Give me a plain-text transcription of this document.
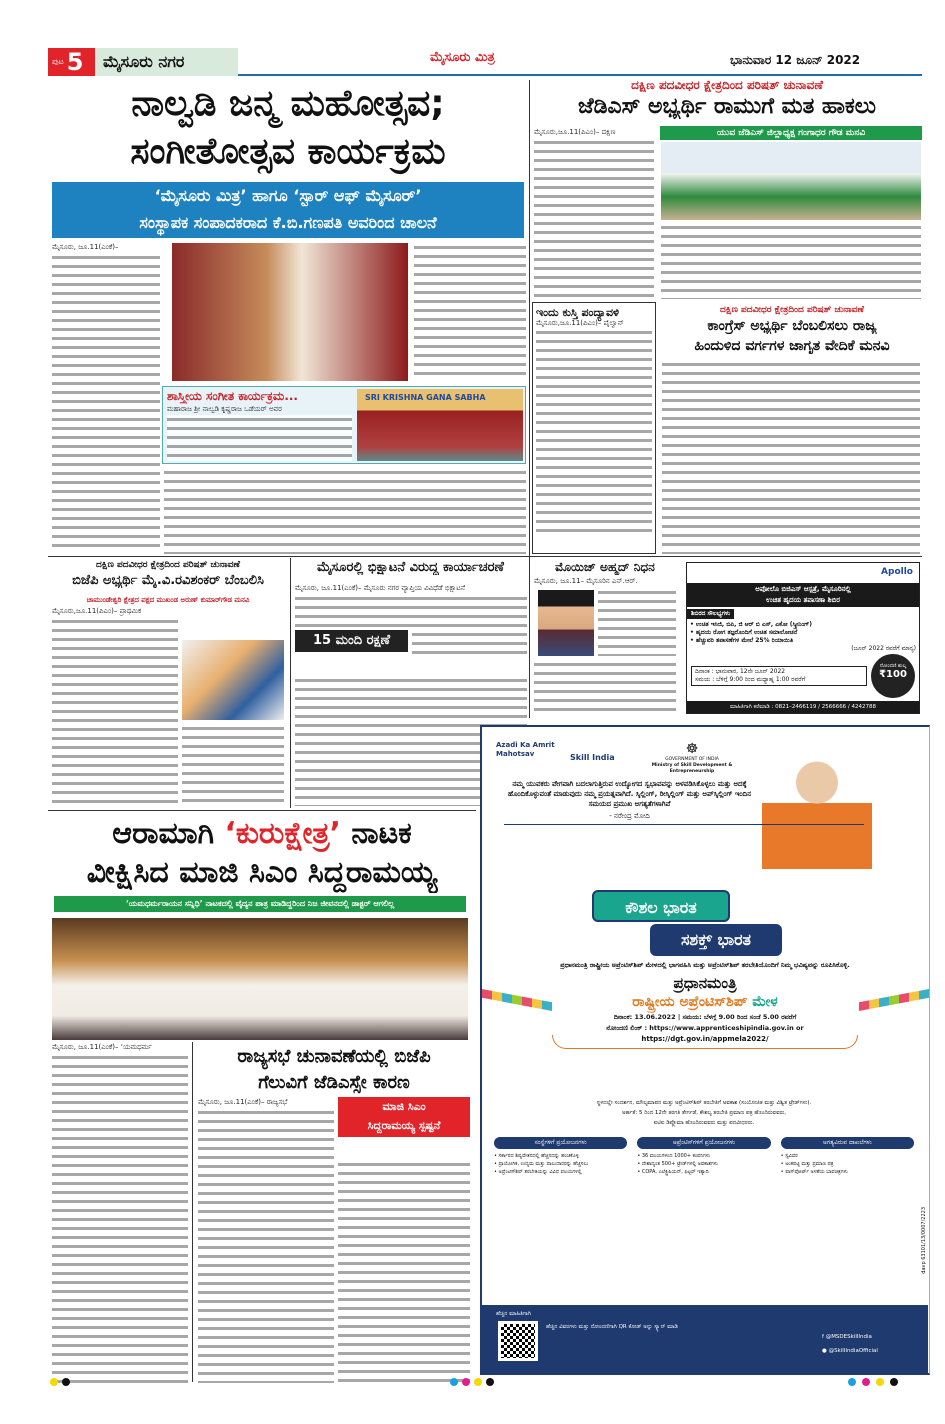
ಪುಟ 5	ಮೈಸೂರು ನಗರ	ಮೈಸೂರು ಮಿತ್ರ	ಭಾನುವಾರ 12 ಜೂನ್ 2022
ನಾಲ್ವಡಿ ಜನ್ಮ ಮಹೋತ್ಸವ;
ಸಂಗೀತೋತ್ಸವ ಕಾರ್ಯಕ್ರಮ
‘ಮೈಸೂರು ಮಿತ್ರ’ ಹಾಗೂ ‘ಸ್ಟಾರ್ ಆಫ್ ಮೈಸೂರ್’
ಸಂಸ್ಥಾಪಕ ಸಂಪಾದಕರಾದ ಕೆ.ಬಿ.ಗಣಪತಿ ಅವರಿಂದ ಚಾಲನೆ
ಮೈಸೂರು, ಜೂ.11(ಎಂಕೆ)–
ಶಾಸ್ತ್ರೀಯ ಸಂಗೀತ ಕಾರ್ಯಕ್ರಮ...
ಮಹಾರಾಜ ಶ್ರೀ ನಾಲ್ವಡಿ ಕೃಷ್ಣರಾಜ ಒಡೆಯರ್ ಅವರ
SRI KRISHNA GANA SABHA
ದಕ್ಷಿಣ ಪದವೀಧರ ಕ್ಷೇತ್ರದಿಂದ ಪರಿಷತ್ ಚುನಾವಣೆ
ಜೆಡಿಎಸ್ ಅಭ್ಯರ್ಥಿ ರಾಮುಗೆ ಮತ ಹಾಕಲು
ಮೈಸೂರು,ಜೂ.11(ಪಿಎಂ)– ದಕ್ಷಿಣ	ಯುವ ಜೆಡಿಎಸ್ ಜಿಲ್ಲಾಧ್ಯಕ್ಷ ಗಂಗಾಧರ ಗೌಡ ಮನವಿ
ಇಂದು ಕುಸ್ತಿ ಪಂದ್ಯಾವಳಿ
ಮೈಸೂರು,ಜೂ.11(ಪಿಎಂ)– ಪೈಲ್ವಾನ್
ದಕ್ಷಿಣ ಪದವೀಧರ ಕ್ಷೇತ್ರದಿಂದ ಪರಿಷತ್ ಚುನಾವಣೆ
ಕಾಂಗ್ರೆಸ್ ಅಭ್ಯರ್ಥಿ ಬೆಂಬಲಿಸಲು ರಾಜ್ಯ
ಹಿಂದುಳಿದ ವರ್ಗಗಳ ಜಾಗೃತ ವೇದಿಕೆ ಮನವಿ
ದಕ್ಷಿಣ ಪದವೀಧರ ಕ್ಷೇತ್ರದಿಂದ ಪರಿಷತ್ ಚುನಾವಣೆ
ಬಿಜೆಪಿ ಅಭ್ಯರ್ಥಿ ಮೈ.ವಿ.ರವಿಶಂಕರ್ ಬೆಂಬಲಿಸಿ
ಚಾಮುಂಡೇಶ್ವರಿ ಕ್ಷೇತ್ರದ ಪಕ್ಷದ ಮುಖಂಡ ಅರುಣ್ ಕುಮಾರ್‌ಗೌಡ ಮನವಿ
ಮೈಸೂರು,ಜೂ.11(ಪಿಎಂ)– ಪ್ರಾಥಮಿಕ
ಮೈಸೂರಲ್ಲಿ ಭಿಕ್ಷಾಟನೆ ವಿರುದ್ಧ ಕಾರ್ಯಾಚರಣೆ
ಮೈಸೂರು, ಜೂ.11(ಎಂಕೆ)– ಮೈಸೂರು ನಗರ ವ್ಯಾಪ್ತಿಯ ವಿವಿಧೆಡೆ ಭಿಕ್ಷಾಟನೆ
15 ಮಂದಿ ರಕ್ಷಣೆ
ಮೊಯಿಜ್ ಅಹ್ಮದ್ ನಿಧನ
ಮೈಸೂರು, ಜೂ.11– ಮೈಸೂರಿನ ಎನ್.ಆರ್.
Apollo
ಅಪೋಲೊ ಬಿಜಿಎಸ್ ಆಸ್ಪತ್ರೆ, ಮೈಸೂರಿನಲ್ಲಿ
ಉಚಿತ ಹೃದಯ ತಪಾಸಣಾ ಶಿಬಿರ
ಶಿಬಿರದ ಸೌಲಭ್ಯಗಳು
• ಉಚಿತ ಇಸಿಜಿ, ಬಿಪಿ, ಜಿ ಆರ್ ಬಿ ಎಸ್, ಎಕೋ (ಸ್ಕ್ರೀನಿಂಗ್)
• ಹೃದಯ ರೋಗ ತಜ್ಞರೊಂದಿಗೆ ಉಚಿತ ಸಮಾಲೋಚನೆ
• ಹೆಚ್ಚುವರಿ ತಪಾಸಣೆಗಳ ಮೇಲೆ 25% ರಿಯಾಯಿತಿ
(ಜೂನ್ 2022 ರವರೆಗೆ ಮಾನ್ಯ)
ದಿನಾಂಕ : ಭಾನುವಾರ, 12ನೇ ಜೂನ್ 2022
ಸಮಯ : ಬೆಳಿಗ್ಗೆ 9:00 ರಿಂದ ಮಧ್ಯಾಹ್ನ 1:00 ರವರೆಗೆ
ನೋಂದಣಿ ಶುಲ್ಕ
₹100
ಮಾಹಿತಿಗಾಗಿ ಕರೆಮಾಡಿ : 0821–2466119 / 2566666 / 4242788
ಆರಾಮಾಗಿ ‘ಕುರುಕ್ಷೇತ್ರ’ ನಾಟಕ
ವೀಕ್ಷಿಸಿದ ಮಾಜಿ ಸಿಎಂ ಸಿದ್ದರಾಮಯ್ಯ
‘ಯಮಧರ್ಮರಾಯನ ಸನ್ನಿಧಿ’ ನಾಟಕದಲ್ಲಿ ವೈದ್ಯನ ಪಾತ್ರ ಮಾಡಿದ್ದರಿಂದ ನಿಜ ಜೀವನದಲ್ಲಿ ಡಾಕ್ಟರ್ ಆಗಲಿಲ್ಲ
ಮೈಸೂರು, ಜೂ.11(ಎಂಕೆ)– ‘ಯಮಧರ್ಮ	ರಾಜ್ಯಸಭೆ ಚುನಾವಣೆಯಲ್ಲಿ ಬಿಜೆಪಿ
ಗೆಲುವಿಗೆ ಜೆಡಿಎಸ್ಸೇ ಕಾರಣ
ಮೈಸೂರು, ಜೂ.11(ಎಂಕೆ)– ರಾಜ್ಯಸಭೆ	ಮಾಜಿ ಸಿಎಂ
ಸಿದ್ದರಾಮಯ್ಯ ಸ್ಪಷ್ಟನೆ
Azadi Ka Amrit Mahotsav	Skill India
☸
GOVERNMENT OF INDIA
Ministry of Skill Development & Entrepreneurship
ನಮ್ಮ ಯುವಕರು ವೇಗವಾಗಿ ಬದಲಾಗುತ್ತಿರುವ ಉದ್ಯೋಗದ ಸ್ವಭಾವವನ್ನು ಅಳವಡಿಸಿಕೊಳ್ಳಲು ಮತ್ತು ಅದಕ್ಕೆ ಹೊಂದಿಕೊಳ್ಳುವಂತೆ ಮಾಡುವುದು ನಮ್ಮ ಪ್ರಯತ್ನವಾಗಿದೆ. ಸ್ಕಿಲ್ಲಿಂಗ್, ರೀಸ್ಕಿಲ್ಲಿಂಗ್ ಮತ್ತು ಅಪ್‌ಸ್ಕಿಲ್ಲಿಂಗ್ ಇಂದಿನ ಸಮಯದ ಪ್ರಮುಖ ಅಗತ್ಯತೆಗಳಾಗಿವೆ
- ನರೇಂದ್ರ ಮೋದಿ
ಕೌಶಲ ಭಾರತ
ಸಶಕ್ತ್ ಭಾರತ
ಪ್ರಧಾನಮಂತ್ರಿ ರಾಷ್ಟ್ರೀಯ ಅಪ್ರೆಂಟಿಸ್‌ಶಿಪ್ ಮೇಳದಲ್ಲಿ ಭಾಗವಹಿಸಿ ಮತ್ತು ಅಪ್ರೆಂಟಿಸ್‌ಶಿಪ್ ತರಬೇತಿಯೊಂದಿಗೆ ನಿಮ್ಮ ಭವಿಷ್ಯವನ್ನು ರೂಪಿಸಿಕೊಳ್ಳಿ.
ಪ್ರಧಾನಮಂತ್ರಿ
ರಾಷ್ಟ್ರೀಯ ಅಪ್ರೆಂಟಿಸ್‌ಶಿಪ್ ಮೇಳ
ದಿನಾಂಕ: 13.06.2022 | ಸಮಯ: ಬೆಳಗ್ಗೆ 9.00 ರಿಂದ ಸಂಜೆ 5.00 ರವರೆಗೆ
ನೋಂದಣಿ ಲಿಂಕ್ : https://www.apprenticeshipindia.gov.in or
https://dgt.gov.in/appmela2022/
ಸ್ಥಳದಲ್ಲೇ ಸಂದರ್ಶನ, ಮೌಲ್ಯಮಾಪನ ಮತ್ತು ಅಪ್ರೆಂಟಿಸ್‌ಶಿಪ್ ತರಬೇತಿಗೆ ಅವಕಾಶ (ಸಂಯೋಜಿತ ಮತ್ತು ವಿಶ್ವಿತ ಟ್ರೇಡ್‌ಗಳು).
ಅರ್ಹತೆ: 5 ರಿಂದ 12ನೇ ತರಗತಿ ತೇರ್ಗಡೆ, ಕೌಶಲ್ಯ ತರಬೇತಿ ಪ್ರಮಾಣ ಪತ್ರ ಹೊಂದಿರುವವರು,
ಐಟಿಐ ಡಿಪ್ಲೊಮಾ ಹೊಂದಿರುವವರು ಮತ್ತು ಪದವೀಧರರು.
ಸಂಸ್ಥೆಗಳಿಗೆ ಪ್ರಯೋಜನಗಳು
• ಸರ್ಕಾರದ ಶಿಷ್ಯವೇತನದಲ್ಲಿ ಹೆಚ್ಚಿನದನ್ನು ಹಂಚಿಕೊಳ್ಳಿ
• ಪ್ರಾಯೋಗಿಕ, ಉದ್ಯಮ ಮತ್ತು ಪಾಲುದಾರರನ್ನು ಹೆಚ್ಚಿಸಲು
• ಅಪ್ರೆಂಟಿಸ್‌ಶಿಪ್ ತರಬೇತಿಯನ್ನು ವಿವಿಧ ವಲಯಗಳಲ್ಲಿ
ಅಪ್ರೆಂಟಿಸ್‌ಗಳಿಗೆ ಪ್ರಯೋಜನಗಳು
• 36 ವಲಯಗಳಿಂದ 1000+ ಕಂಪನಿಗಳು
• ದೇಶಾದ್ಯಂತ 500+ ಟ್ರೇಡ್‌ಗಳಲ್ಲಿ ಅವಕಾಶಗಳು
• COPA, ಎಲೆಕ್ಟ್ರಿಷಿಯನ್, ಫಿಟ್ಟರ್ ಇತ್ಯಾದಿ
ಅಗತ್ಯವಿರುವ ದಾಖಲೆಗಳು
• ಸ್ವವಿವರ
• ಅಂಕಪಟ್ಟಿ ಮತ್ತು ಪ್ರಮಾಣ ಪತ್ರ
• ಪಾಸ್‌ಪೋರ್ಟ್ ಅಳತೆಯ ಭಾವಚಿತ್ರಗಳು
davp 63101/13/0007/2223
ಹೆಚ್ಚಿನ ಮಾಹಿತಿಗಾಗಿ
ಹೆಚ್ಚಿನ ವಿವರಗಳು ಮತ್ತು ನೋಂದಣಿಗಾಗಿ QR ಕೋಡ್ ಅನ್ನು ಸ್ಕ್ಯಾನ್ ಮಾಡಿ
f @MSDESkillIndia
● @SkillIndiaOfficial
